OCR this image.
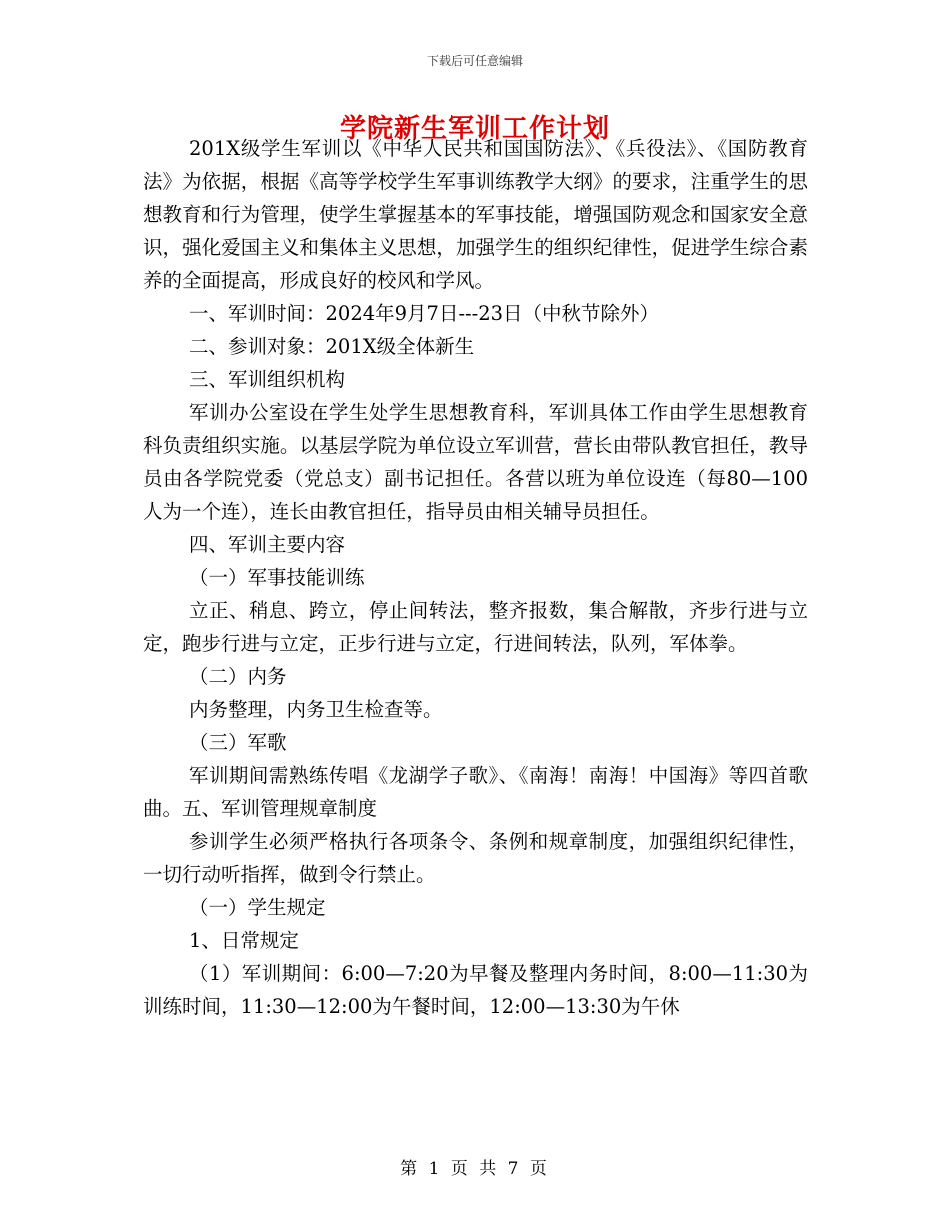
下载后可任意编辑
学院新生军训工作计划

201X级学生军训以《中华人民共和国国防法》、《兵役法》、《国防教育法》为依据，根据《高等学校学生军事训练教学大纲》的要求，注重学生的思想教育和行为管理，使学生掌握基本的军事技能，增强国防观念和国家安全意识，强化爱国主义和集体主义思想，加强学生的组织纪律性，促进学生综合素养的全面提高，形成良好的校风和学风。

一、军训时间：2024年9月7日---23日（中秋节除外）

二、参训对象：201X级全体新生

三、军训组织机构

军训办公室设在学生处学生思想教育科，军训具体工作由学生思想教育科负责组织实施。以基层学院为单位设立军训营，营长由带队教官担任，教导员由各学院党委（党总支）副书记担任。各营以班为单位设连（每80—100人为一个连），连长由教官担任，指导员由相关辅导员担任。

四、军训主要内容

（一）军事技能训练

立正、稍息、跨立，停止间转法，整齐报数，集合解散，齐步行进与立定，跑步行进与立定，正步行进与立定，行进间转法，队列，军体拳。

（二）内务

内务整理，内务卫生检查等。

（三）军歌

军训期间需熟练传唱《龙湖学子歌》、《南海！南海！中国海》等四首歌曲。五、军训管理规章制度

参训学生必须严格执行各项条令、条例和规章制度，加强组织纪律性，一切行动听指挥，做到令行禁止。

（一）学生规定

1、日常规定

（1）军训期间：6:00—7:20为早餐及整理内务时间，8:00—11:30为训练时间，11:30—12:00为午餐时间，12:00—13:30为午休

第 1 页 共 7 页
